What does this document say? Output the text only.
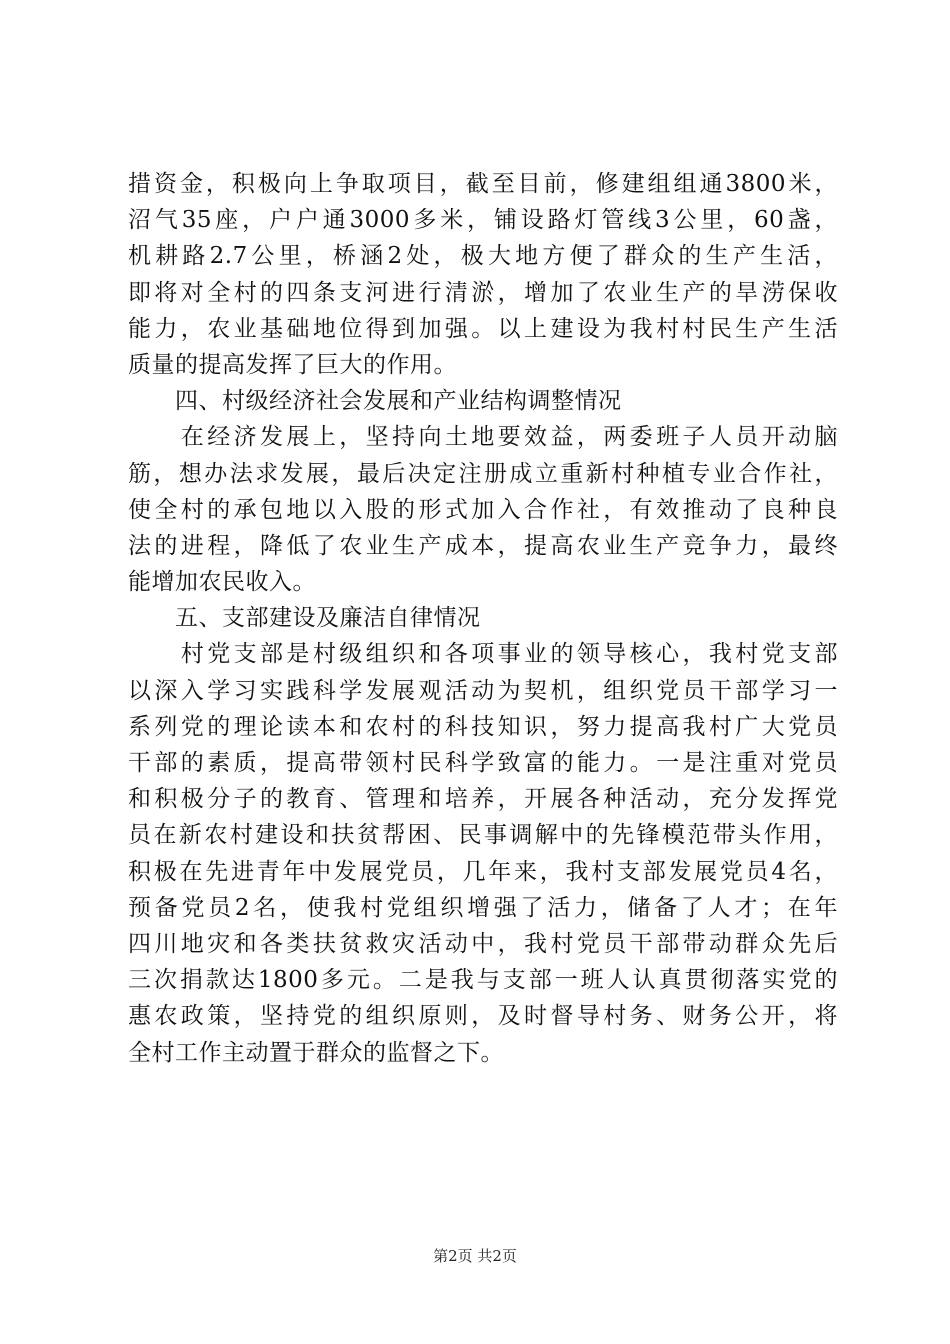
措资金，积极向上争取项目，截至目前，修建组组通3800米，
沼气35座，户户通3000多米，铺设路灯管线3公里，60盏，
机耕路2.7公里，桥涵2处，极大地方便了群众的生产生活，
即将对全村的四条支河进行清淤，增加了农业生产的旱涝保收
能力，农业基础地位得到加强。以上建设为我村村民生产生活
质量的提高发挥了巨大的作用。
　　四、村级经济社会发展和产业结构调整情况
　　在经济发展上，坚持向土地要效益，两委班子人员开动脑
筋，想办法求发展，最后决定注册成立重新村种植专业合作社，
使全村的承包地以入股的形式加入合作社，有效推动了良种良
法的进程，降低了农业生产成本，提高农业生产竞争力，最终
能增加农民收入。
　　五、支部建设及廉洁自律情况
　　村党支部是村级组织和各项事业的领导核心，我村党支部
以深入学习实践科学发展观活动为契机，组织党员干部学习一
系列党的理论读本和农村的科技知识，努力提高我村广大党员
干部的素质，提高带领村民科学致富的能力。一是注重对党员
和积极分子的教育、管理和培养，开展各种活动，充分发挥党
员在新农村建设和扶贫帮困、民事调解中的先锋模范带头作用，
积极在先进青年中发展党员，几年来，我村支部发展党员4名，
预备党员2名，使我村党组织增强了活力，储备了人才；在年
四川地灾和各类扶贫救灾活动中，我村党员干部带动群众先后
三次捐款达1800多元。二是我与支部一班人认真贯彻落实党的
惠农政策，坚持党的组织原则，及时督导村务、财务公开，将
全村工作主动置于群众的监督之下。
第2页 共2页
